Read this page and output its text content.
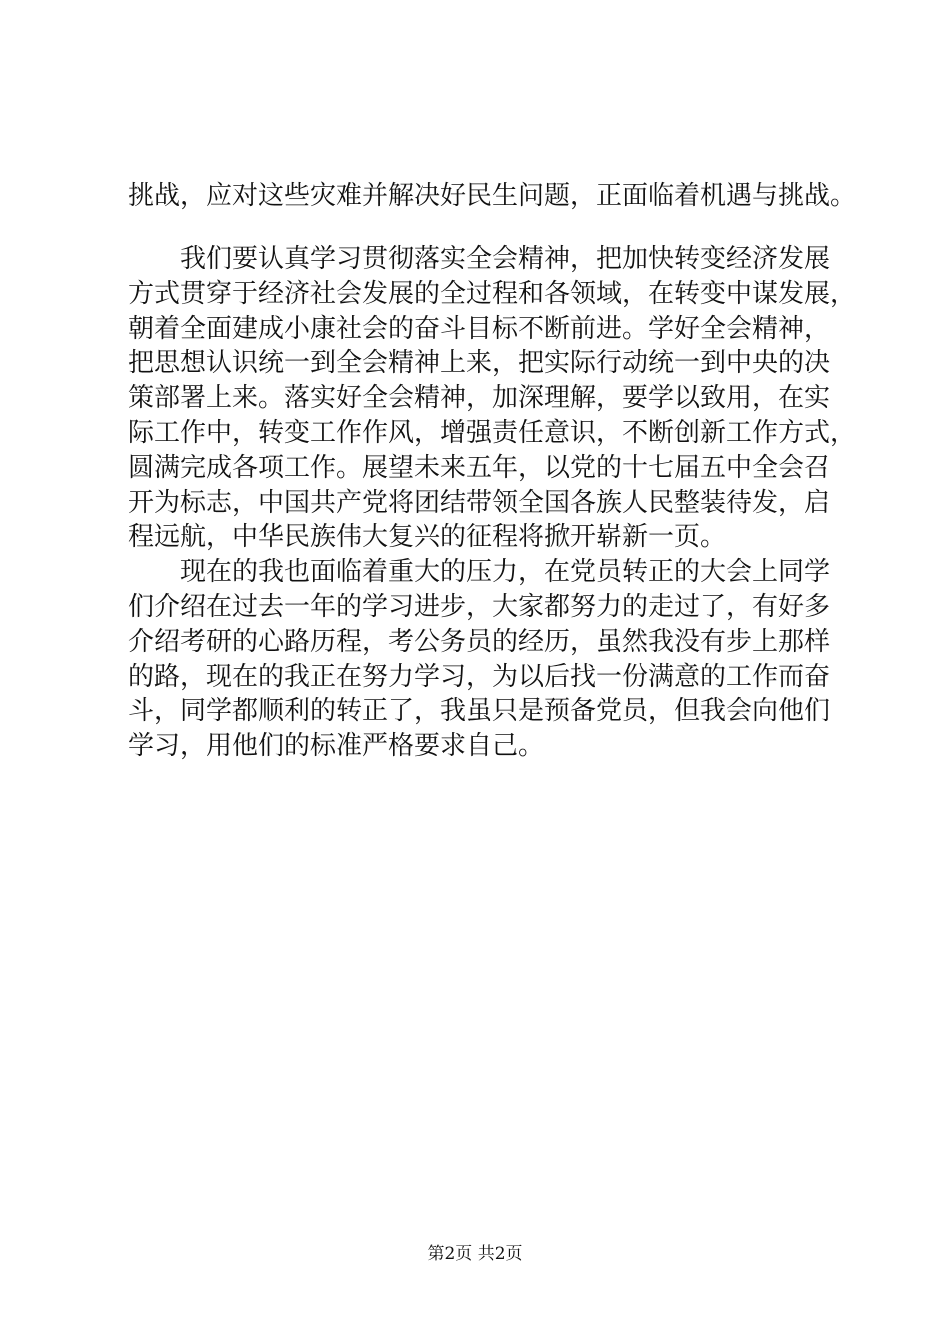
挑战，应对这些灾难并解决好民生问题，正面临着机遇与挑战。
我们要认真学习贯彻落实全会精神，把加快转变经济发展
方式贯穿于经济社会发展的全过程和各领域，在转变中谋发展，
朝着全面建成小康社会的奋斗目标不断前进。学好全会精神，
把思想认识统一到全会精神上来，把实际行动统一到中央的决
策部署上来。落实好全会精神，加深理解，要学以致用，在实
际工作中，转变工作作风，增强责任意识，不断创新工作方式，
圆满完成各项工作。展望未来五年，以党的十七届五中全会召
开为标志，中国共产党将团结带领全国各族人民整装待发，启
程远航，中华民族伟大复兴的征程将掀开崭新一页。
现在的我也面临着重大的压力，在党员转正的大会上同学
们介绍在过去一年的学习进步，大家都努力的走过了，有好多
介绍考研的心路历程，考公务员的经历，虽然我没有步上那样
的路，现在的我正在努力学习，为以后找一份满意的工作而奋
斗，同学都顺利的转正了，我虽只是预备党员，但我会向他们
学习，用他们的标准严格要求自己。
第2页 共2页
